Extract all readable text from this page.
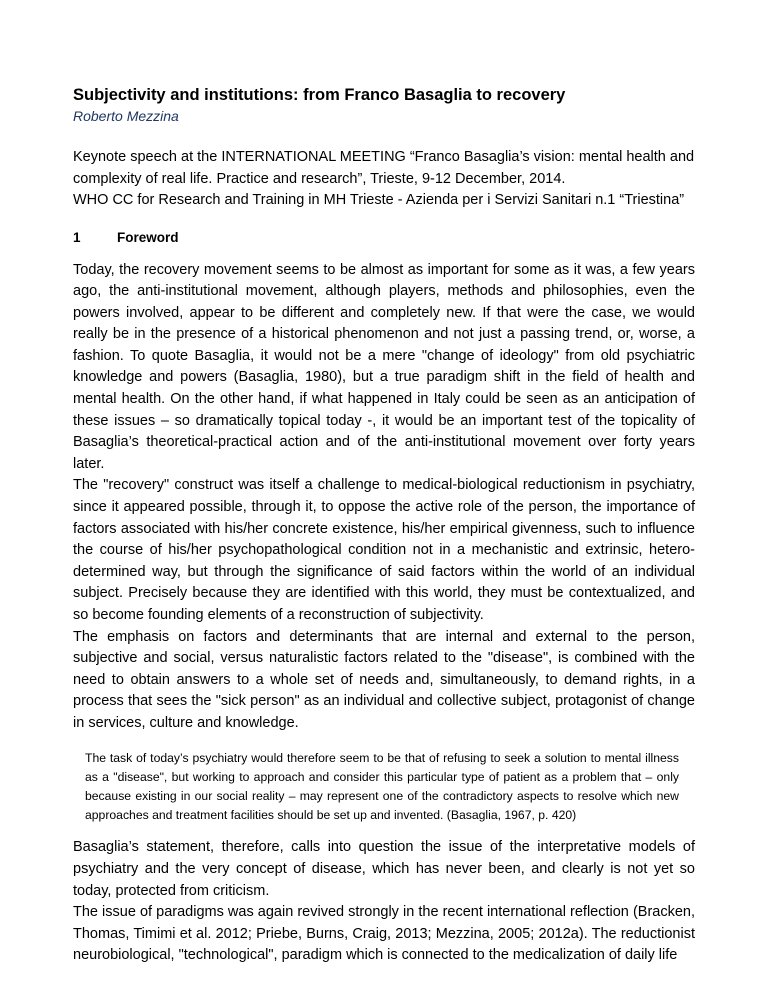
Subjectivity and institutions: from Franco Basaglia to recovery

Roberto Mezzina

Keynote speech at the INTERNATIONAL MEETING “Franco Basaglia’s vision: mental health and complexity of real life. Practice and research”, Trieste, 9-12 December, 2014.

WHO CC for Research and Training in MH Trieste - Azienda per i Servizi Sanitari n.1 “Triestina”

1	Foreword

Today, the recovery movement seems to be almost as important for some as it was, a few years ago, the anti-institutional movement, although players, methods and philosophies, even the powers involved, appear to be different and completely new. If that were the case, we would really be in the presence of a historical phenomenon and not just a passing trend, or, worse, a fashion. To quote Basaglia, it would not be a mere "change of ideology" from old psychiatric knowledge and powers (Basaglia, 1980), but a true paradigm shift in the field of health and mental health. On the other hand, if what happened in Italy could be seen as an anticipation of these issues – so dramatically topical today -, it would be an important test of the topicality of Basaglia’s theoretical-practical action and of the anti-institutional movement over forty years later.

The "recovery" construct was itself a challenge to medical-biological reductionism in psychiatry, since it appeared possible, through it, to oppose the active role of the person, the importance of factors associated with his/her concrete existence, his/her empirical givenness, such to influence the course of his/her psychopathological condition not in a mechanistic and extrinsic, hetero-determined way, but through the significance of said factors within the world of an individual subject. Precisely because they are identified with this world, they must be contextualized, and so become founding elements of a reconstruction of subjectivity.

The emphasis on factors and determinants that are internal and external to the person, subjective and social, versus naturalistic factors related to the "disease", is combined with the need to obtain answers to a whole set of needs and, simultaneously, to demand rights, in a process that sees the "sick person" as an individual and collective subject, protagonist of change in services, culture and knowledge.

The task of today’s psychiatry would therefore seem to be that of refusing to seek a solution to mental illness as a "disease", but working to approach and consider this particular type of patient as a problem that – only because existing in our social reality – may represent one of the contradictory aspects to resolve which new approaches and treatment facilities should be set up and invented. (Basaglia, 1967, p. 420)

Basaglia’s statement, therefore, calls into question the issue of the interpretative models of psychiatry and the very concept of disease, which has never been, and clearly is not yet so today, protected from criticism.

The issue of paradigms was again revived strongly in the recent international reflection (Bracken, Thomas, Timimi et al. 2012; Priebe, Burns, Craig, 2013; Mezzina, 2005; 2012a). The reductionist neurobiological, "technological", paradigm which is connected to the medicalization of daily life
